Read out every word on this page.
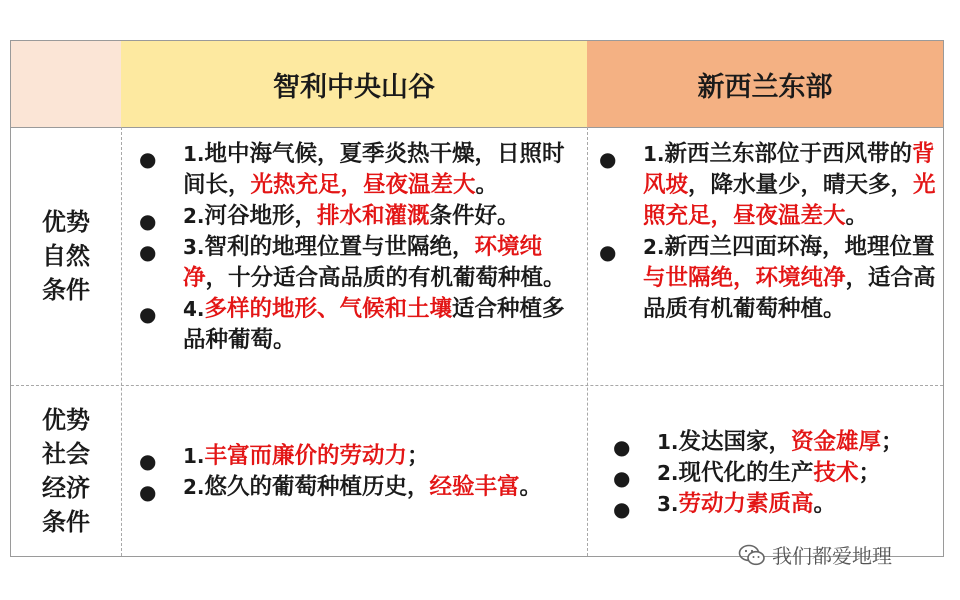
智利中央山谷	新西兰东部
优势
自然
条件
● 1.地中海气候，夏季炎热干燥，日照时间长，光热充足，昼夜温差大。
● 2.河谷地形，排水和灌溉条件好。
● 3.智利的地理位置与世隔绝，环境纯净，十分适合高品质的有机葡萄种植。
● 4.多样的地形、气候和土壤适合种植多品种葡萄。
● 1.新西兰东部位于西风带的背风坡，降水量少，晴天多，光照充足，昼夜温差大。
● 2.新西兰四面环海，地理位置与世隔绝，环境纯净，适合高品质有机葡萄种植。
优势
社会
经济
条件
● 1.丰富而廉价的劳动力；
● 2.悠久的葡萄种植历史，经验丰富。
● 1.发达国家，资金雄厚；
● 2.现代化的生产技术；
● 3.劳动力素质高。
我们都爱地理
